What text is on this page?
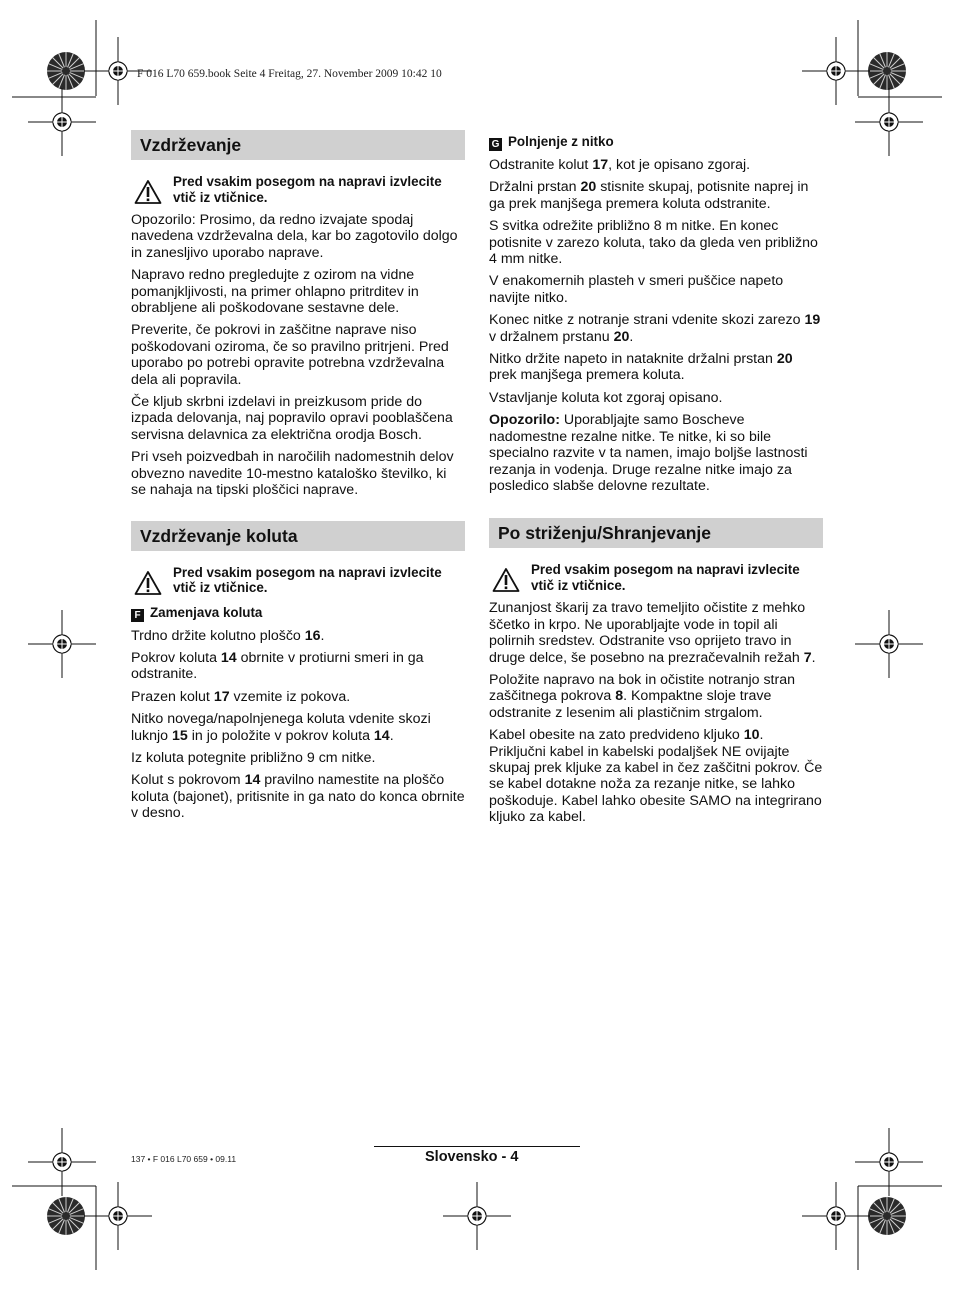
F 016 L70 659.book Seite 4 Freitag, 27. November 2009 10:42 10
Vzdrževanje
Pred vsakim posegom na napravi izvlecite vtič iz vtičnice.

Opozorilo: Prosimo, da redno izvajate spodaj navedena vzdrževalna dela, kar bo zagotovilo dolgo in zanesljivo uporabo naprave.

Napravo redno pregledujte z ozirom na vidne pomanjkljivosti, na primer ohlapno pritrditev in obrabljene ali poškodovane sestavne dele.

Preverite, če pokrovi in zaščitne naprave niso poškodovani oziroma, če so pravilno pritrjeni. Pred uporabo po potrebi opravite potrebna vzdrževalna dela ali popravila.

Če kljub skrbni izdelavi in preizkusom pride do izpada delovanja, naj popravilo opravi pooblaščena servisna delavnica za električna orodja Bosch.

Pri vseh poizvedbah in naročilih nadomestnih delov obvezno navedite 10-mestno kataloško številko, ki se nahaja na tipski ploščici naprave.

Vzdrževanje koluta
Pred vsakim posegom na napravi izvlecite vtič iz vtičnice.
F Zamenjava koluta

Trdno držite kolutno ploščo 16.

Pokrov koluta 14 obrnite v protiurni smeri in ga odstranite.

Prazen kolut 17 vzemite iz pokova.

Nitko novega/napolnjenega koluta vdenite skozi luknjo 15 in jo položite v pokrov koluta 14.

Iz koluta potegnite približno 9 cm nitke.

Kolut s pokrovom 14 pravilno namestite na ploščo koluta (bajonet), pritisnite in ga nato do konca obrnite v desno.

G Polnjenje z nitko

Odstranite kolut 17, kot je opisano zgoraj.

Držalni prstan 20 stisnite skupaj, potisnite naprej in ga prek manjšega premera koluta odstranite.

S svitka odrežite približno 8 m nitke. En konec potisnite v zarezo koluta, tako da gleda ven približno 4 mm nitke.

V enakomernih plasteh v smeri puščice napeto navijte nitko.

Konec nitke z notranje strani vdenite skozi zarezo 19 v držalnem prstanu 20.

Nitko držite napeto in nataknite držalni prstan 20 prek manjšega premera koluta.

Vstavljanje koluta kot zgoraj opisano.

Opozorilo: Uporabljajte samo Boscheve nadomestne rezalne nitke. Te nitke, ki so bile specialno razvite v ta namen, imajo boljše lastnosti rezanja in vodenja. Druge rezalne nitke imajo za posledico slabše delovne rezultate.

Po striženju/Shranjevanje
Pred vsakim posegom na napravi izvlecite vtič iz vtičnice.

Zunanjost škarij za travo temeljito očistite z mehko ščetko in krpo. Ne uporabljajte vode in topil ali polirnih sredstev. Odstranite vso oprijeto travo in druge delce, še posebno na prezračevalnih režah 7.

Položite napravo na bok in očistite notranjo stran zaščitnega pokrova 8. Kompaktne sloje trave odstranite z lesenim ali plastičnim strgalom.

Kabel obesite na zato predvideno kljuko 10. Priključni kabel in kabelski podaljšek NE ovijajte skupaj prek kljuke za kabel in čez zaščitni pokrov. Če se kabel dotakne noža za rezanje nitke, se lahko poškoduje. Kabel lahko obesite SAMO na integrirano kljuko za kabel.

137 • F 016 L70 659 • 09.11	Slovensko - 4
